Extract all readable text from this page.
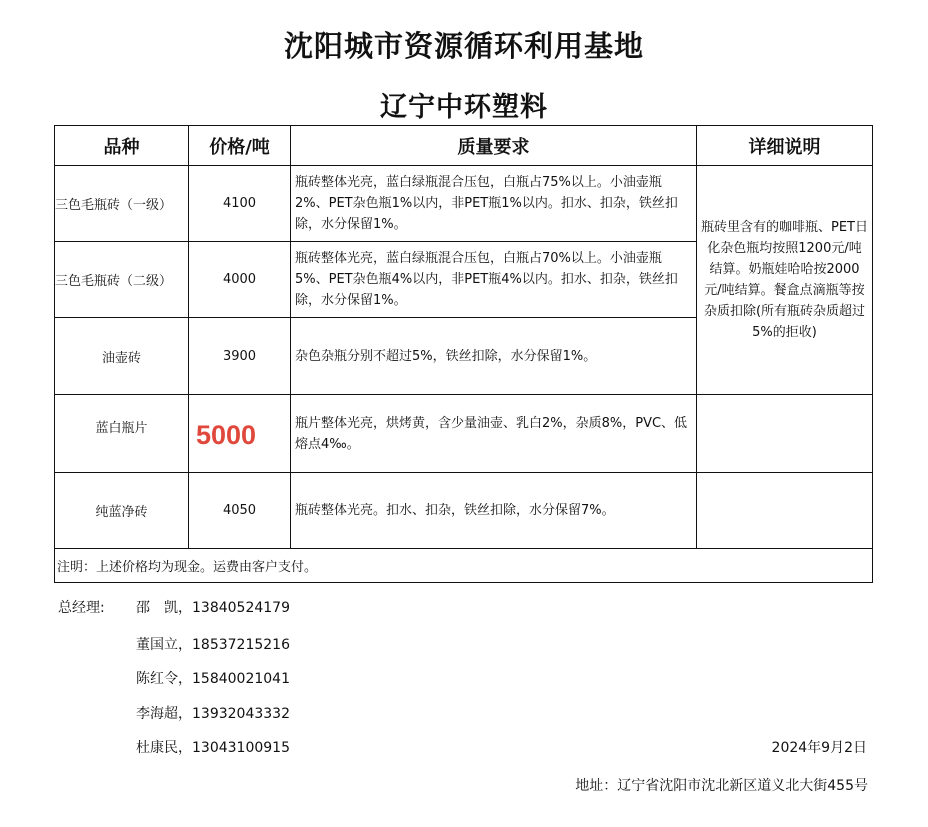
沈阳城市资源循环利用基地
辽宁中环塑料
品种	价格/吨	质量要求	详细说明
三色毛瓶砖（一级）	4100	瓶砖整体光亮，蓝白绿瓶混合压包，白瓶占75%以上。小油壶瓶2%、PET杂色瓶1%以内，非PET瓶1%以内。扣水、扣杂，铁丝扣除，水分保留1%。	瓶砖里含有的咖啡瓶、PET日化杂色瓶均按照1200元/吨结算。奶瓶娃哈哈按2000元/吨结算。餐盒点滴瓶等按杂质扣除(所有瓶砖杂质超过5%的拒收)
三色毛瓶砖（二级）	4000	瓶砖整体光亮，蓝白绿瓶混合压包，白瓶占70%以上。小油壶瓶5%、PET杂色瓶4%以内，非PET瓶4%以内。扣水、扣杂，铁丝扣除，水分保留1%。	
油壶砖	3900	杂色杂瓶分别不超过5%，铁丝扣除，水分保留1%。	

蓝白瓶片	5000	瓶片整体光亮，烘烤黄，含少量油壶、乳白2%，杂质8%，PVC、低熔点4‰。	
纯蓝净砖	4050	瓶砖整体光亮。扣水、扣杂，铁丝扣除，水分保留7%。	
注明：上述价格均为现金。运费由客户支付。			
总经理: 邵　凯，13840524179
董国立，18537215216
陈红令，15840021041
李海超，13932043332
杜康民，13043100915	2024年9月2日
地址：辽宁省沈阳市沈北新区道义北大街455号
